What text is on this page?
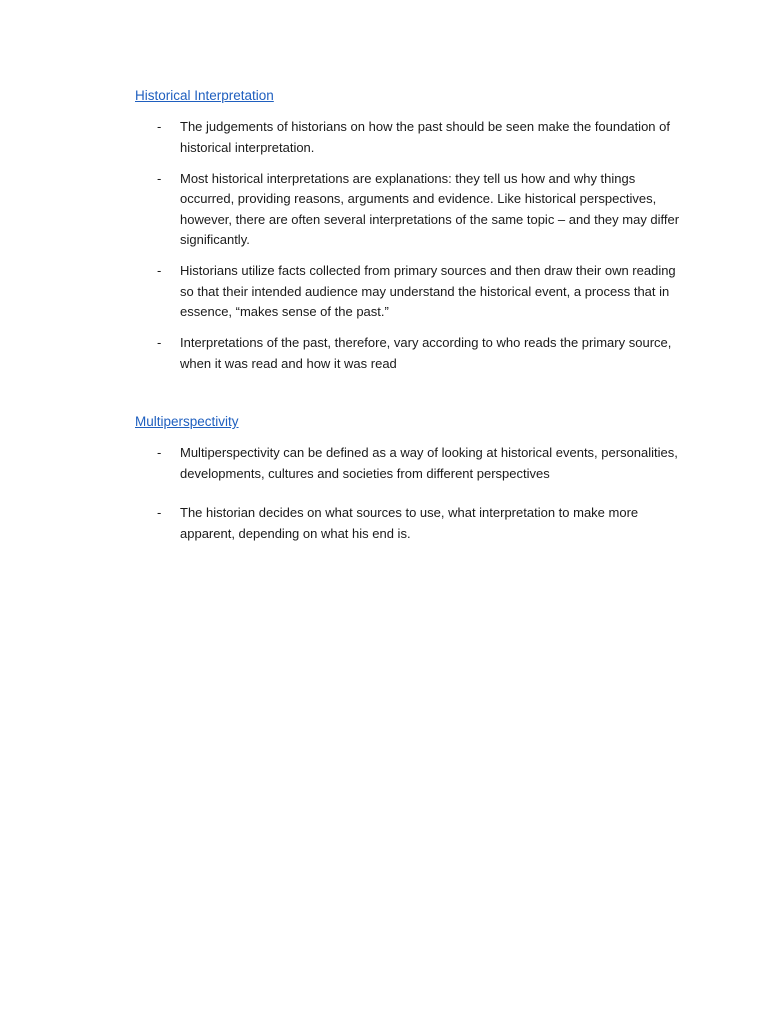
Historical Interpretation
- The judgements of historians on how the past should be seen make the foundation of historical interpretation.
- Most historical interpretations are explanations: they tell us how and why things occurred, providing reasons, arguments and evidence. Like historical perspectives, however, there are often several interpretations of the same topic – and they may differ significantly.
- Historians utilize facts collected from primary sources and then draw their own reading so that their intended audience may understand the historical event, a process that in essence, “makes sense of the past.”
- Interpretations of the past, therefore, vary according to who reads the primary source, when it was read and how it was read
Multiperspectivity
- Multiperspectivity can be defined as a way of looking at historical events, personalities, developments, cultures and societies from different perspectives
- The historian decides on what sources to use, what interpretation to make more apparent, depending on what his end is.
